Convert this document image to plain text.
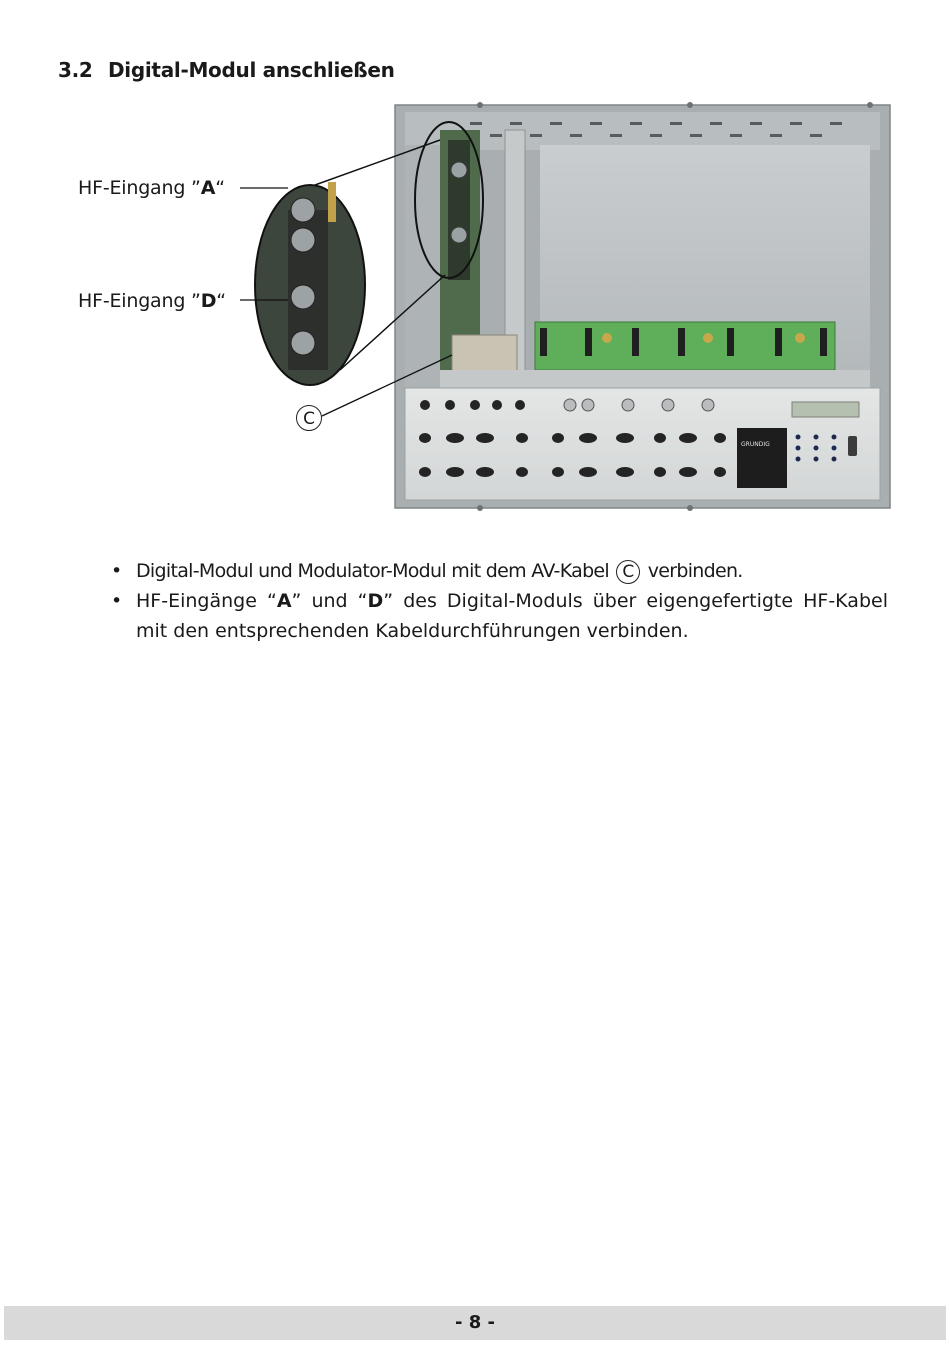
3.2 Digital-Modul anschließen
GRUNDIG
HF-Eingang ”A“
HF-Eingang ”D“
C
• Digital-Modul und Modulator-Modul mit dem AV-Kabel C verbinden.
• HF-Eingänge “A” und “D” des Digital-Moduls über eigengefertigte HF-Kabel mit den entsprechenden Kabeldurchführungen verbinden.
- 8 -
